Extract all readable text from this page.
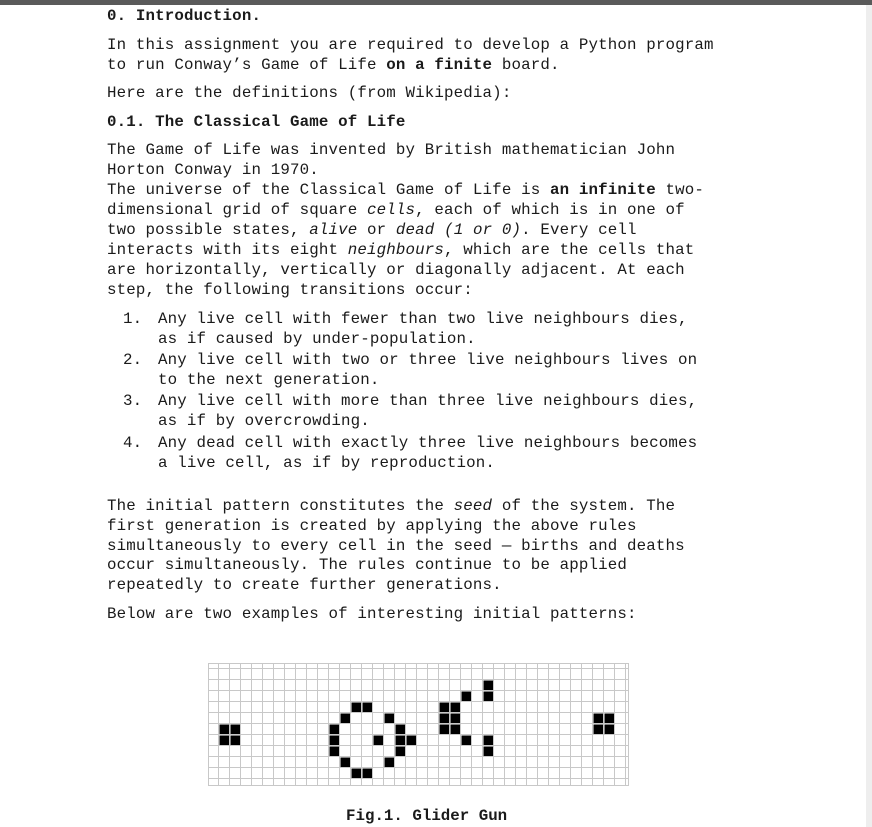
0. Introduction.
In this assignment you are required to develop a Python program
to run Conway’s Game of Life on a finite board.
Here are the definitions (from Wikipedia):
0.1. The Classical Game of Life
The Game of Life was invented by British mathematician John
Horton Conway in 1970.
The universe of the Classical Game of Life is an infinite two-
dimensional grid of square cells, each of which is in one of
two possible states, alive or dead (1 or 0). Every cell
interacts with its eight neighbours, which are the cells that
are horizontally, vertically or diagonally adjacent. At each
step, the following transitions occur:
1. Any live cell with fewer than two live neighbours dies,
as if caused by under-population.
2. Any live cell with two or three live neighbours lives on
to the next generation.
3. Any live cell with more than three live neighbours dies,
as if by overcrowding.
4. Any dead cell with exactly three live neighbours becomes
a live cell, as if by reproduction.
The initial pattern constitutes the seed of the system. The
first generation is created by applying the above rules
simultaneously to every cell in the seed — births and deaths
occur simultaneously. The rules continue to be applied
repeatedly to create further generations.
Below are two examples of interesting initial patterns:
Fig.1. Glider Gun
